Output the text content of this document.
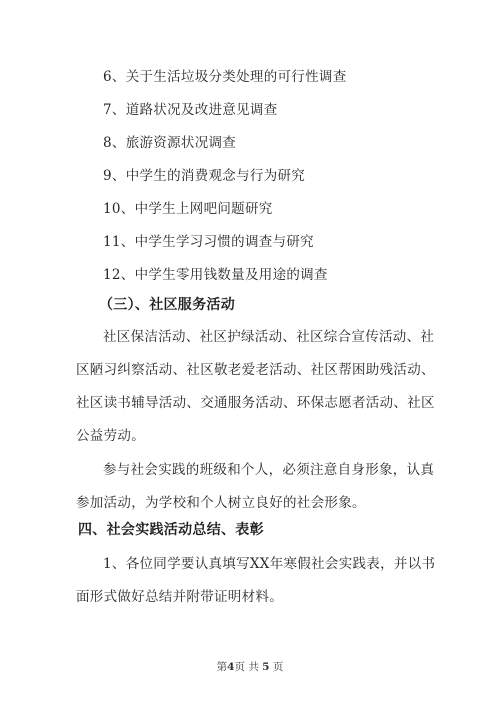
6、关于生活垃圾分类处理的可行性调查
7、道路状况及改进意见调查
8、旅游资源状况调查
9、中学生的消费观念与行为研究
10、中学生上网吧问题研究
11、中学生学习习惯的调查与研究
12、中学生零用钱数量及用途的调查
（三）、社区服务活动
社区保洁活动、社区护绿活动、社区综合宣传活动、社
区陋习纠察活动、社区敬老爱老活动、社区帮困助残活动、
社区读书辅导活动、交通服务活动、环保志愿者活动、社区
公益劳动。
参与社会实践的班级和个人，必须注意自身形象，认真
参加活动，为学校和个人树立良好的社会形象。
四、社会实践活动总结、表彰
1、各位同学要认真填写XX年寒假社会实践表，并以书
面形式做好总结并附带证明材料。
第4页 共 5 页
